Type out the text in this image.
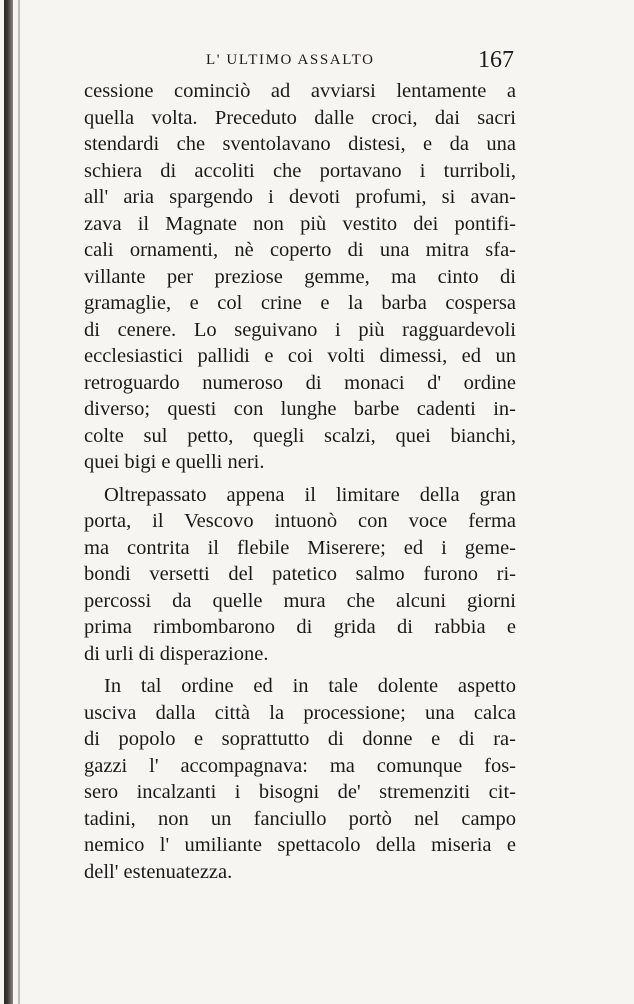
L' ULTIMO ASSALTO	167
cessione cominciò ad avviarsi lentamente a
quella volta. Preceduto dalle croci, dai sacri
stendardi che sventolavano distesi, e da una
schiera di accoliti che portavano i turriboli,
all' aria spargendo i devoti profumi, si avan-
zava il Magnate non più vestito dei pontifi-
cali ornamenti, nè coperto di una mitra sfa-
villante per preziose gemme, ma cinto di
gramaglie, e col crine e la barba cospersa
di cenere. Lo seguivano i più ragguardevoli
ecclesiastici pallidi e coi volti dimessi, ed un
retroguardo numeroso di monaci d' ordine
diverso; questi con lunghe barbe cadenti in-
colte sul petto, quegli scalzi, quei bianchi,
quei bigi e quelli neri.
Oltrepassato appena il limitare della gran
porta, il Vescovo intuonò con voce ferma
ma contrita il flebile Miserere; ed i geme-
bondi versetti del patetico salmo furono ri-
percossi da quelle mura che alcuni giorni
prima rimbombarono di grida di rabbia e
di urli di disperazione.
In tal ordine ed in tale dolente aspetto
usciva dalla città la processione; una calca
di popolo e soprattutto di donne e di ra-
gazzi l' accompagnava: ma comunque fos-
sero incalzanti i bisogni de' stremenziti cit-
tadini, non un fanciullo portò nel campo
nemico l' umiliante spettacolo della miseria e
dell' estenuatezza.
